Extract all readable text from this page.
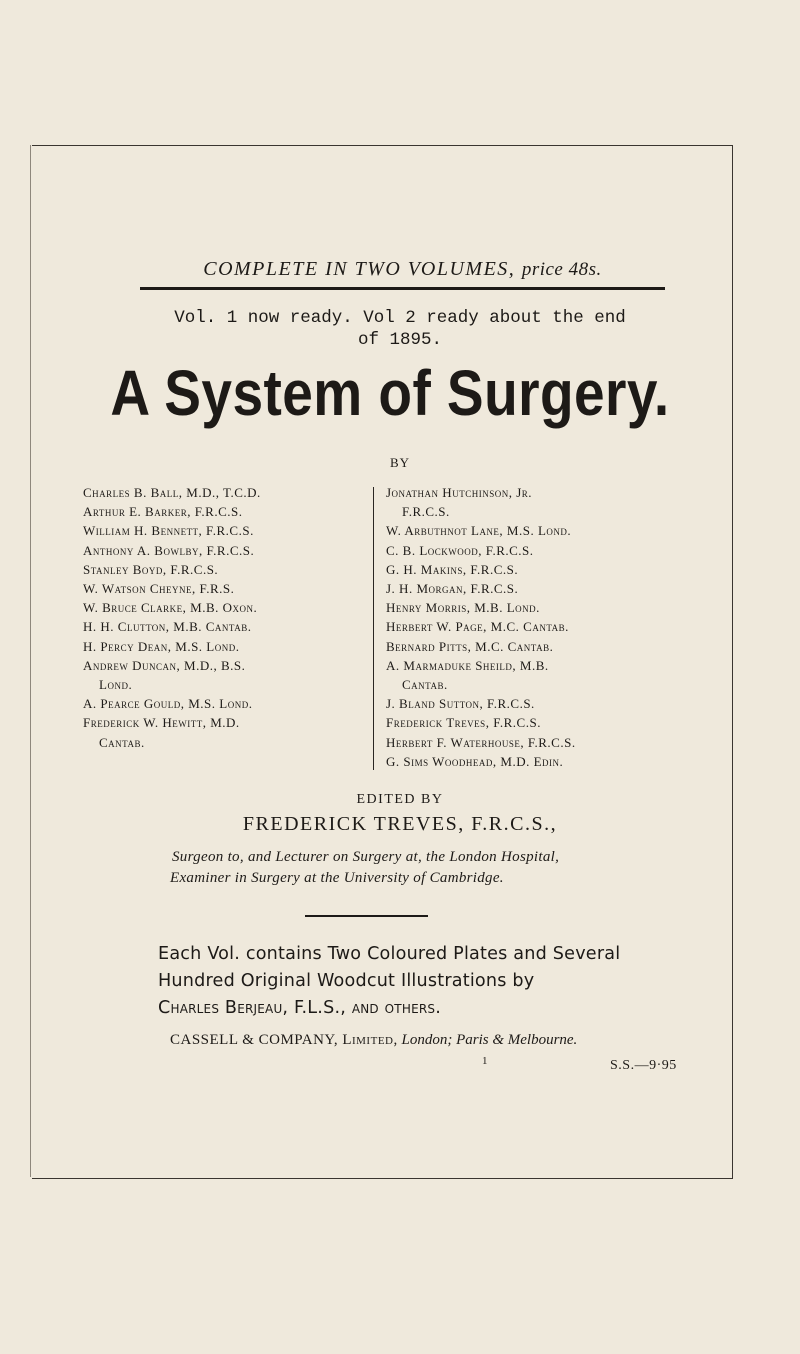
COMPLETE IN TWO VOLUMES, price 48s.
Vol. 1 now ready. Vol 2 ready about the end
of 1895.
A System of Surgery.
BY
Charles B. Ball, M.D., T.C.D.
Arthur E. Barker, F.R.C.S.
William H. Bennett, F.R.C.S.
Anthony A. Bowlby, F.R.C.S.
Stanley Boyd, F.R.C.S.
W. Watson Cheyne, F.R.S.
W. Bruce Clarke, M.B. Oxon.
H. H. Clutton, M.B. Cantab.
H. Percy Dean, M.S. Lond.
Andrew Duncan, M.D., B.S.
Lond.
A. Pearce Gould, M.S. Lond.
Frederick W. Hewitt, M.D.
Cantab.
Jonathan Hutchinson, Jr.
F.R.C.S.
W. Arbuthnot Lane, M.S. Lond.
C. B. Lockwood, F.R.C.S.
G. H. Makins, F.R.C.S.
J. H. Morgan, F.R.C.S.
Henry Morris, M.B. Lond.
Herbert W. Page, M.C. Cantab.
Bernard Pitts, M.C. Cantab.
A. Marmaduke Sheild, M.B.
Cantab.
J. Bland Sutton, F.R.C.S.
Frederick Treves, F.R.C.S.
Herbert F. Waterhouse, F.R.C.S.
G. Sims Woodhead, M.D. Edin.
EDITED BY
FREDERICK TREVES, F.R.C.S.,
Surgeon to, and Lecturer on Surgery at, the London Hospital,
Examiner in Surgery at the University of Cambridge.
Each Vol. contains Two Coloured Plates and Several
Hundred Original Woodcut Illustrations by
Charles Berjeau, F.L.S., and others.
CASSELL & COMPANY, Limited, London; Paris & Melbourne.
1	S.S.—9·95
